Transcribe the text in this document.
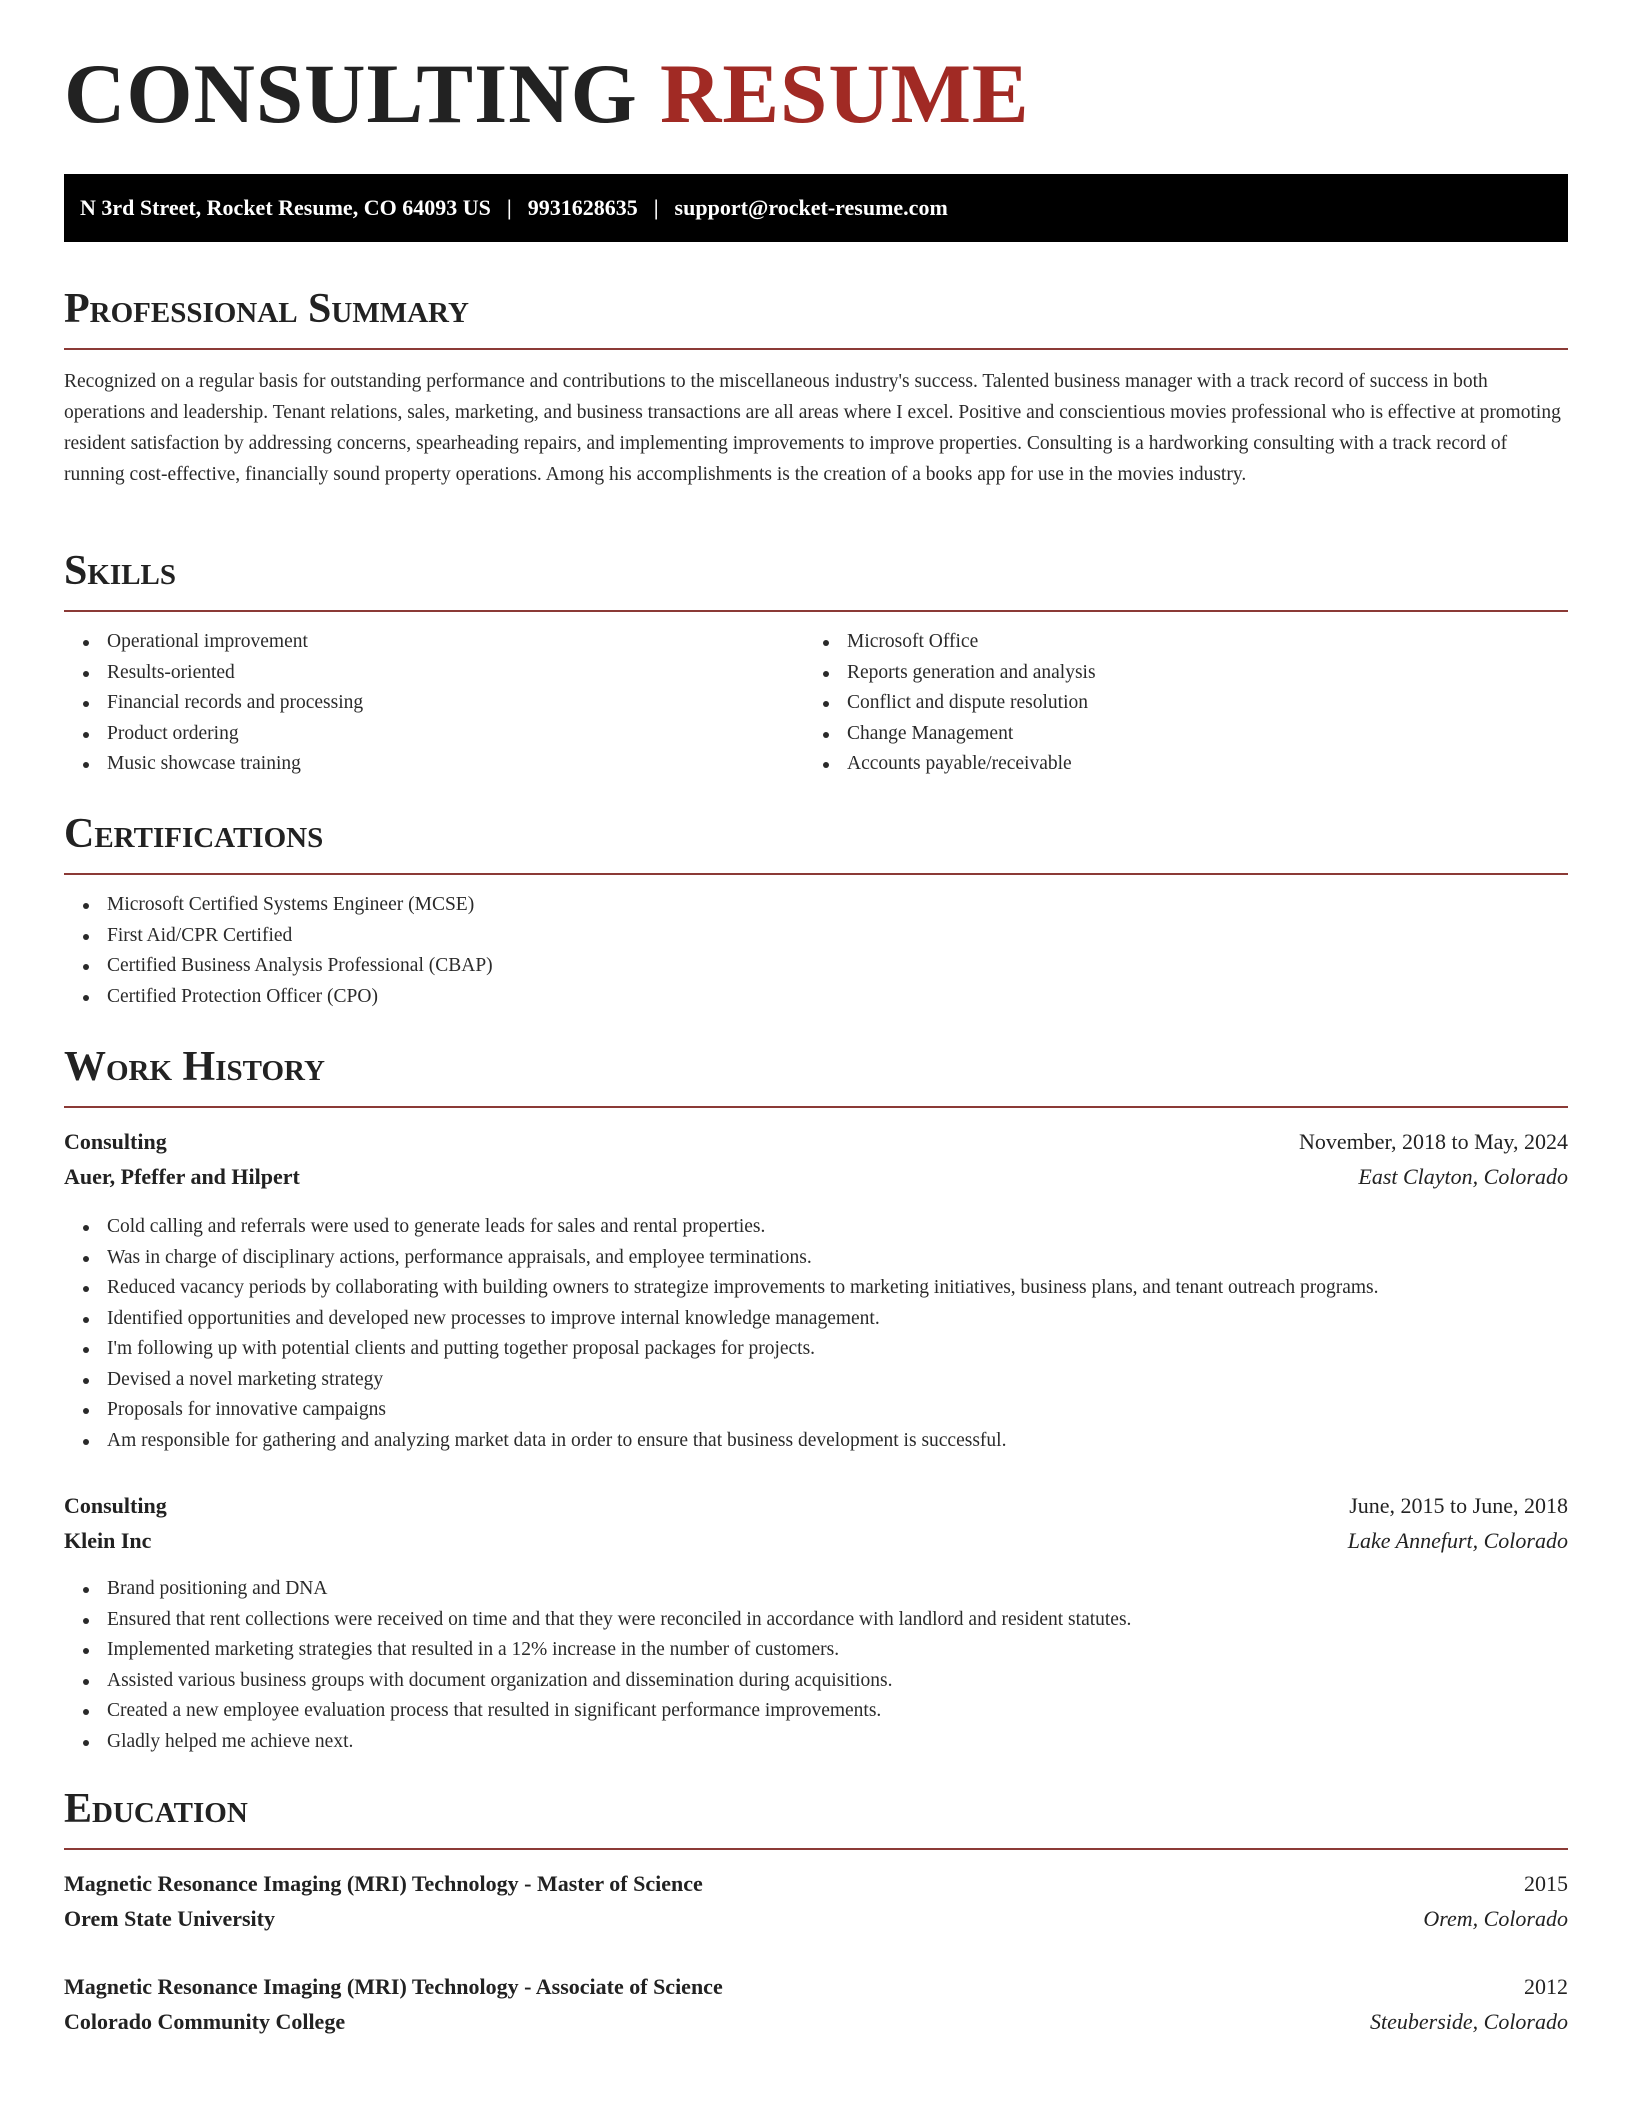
CONSULTING RESUME
N 3rd Street, Rocket Resume, CO 64093 US | 9931628635 | support@rocket-resume.com
Professional Summary

Recognized on a regular basis for outstanding performance and contributions to the miscellaneous industry's success. Talented business manager with a track record of success in both operations and leadership. Tenant relations, sales, marketing, and business transactions are all areas where I excel. Positive and conscientious movies professional who is effective at promoting resident satisfaction by addressing concerns, spearheading repairs, and implementing improvements to improve properties. Consulting is a hardworking consulting with a track record of running cost-effective, financially sound property operations. Among his accomplishments is the creation of a books app for use in the movies industry.

Skills
Operational improvement
Results-oriented
Financial records and processing
Product ordering
Music showcase training
Microsoft Office
Reports generation and analysis
Conflict and dispute resolution
Change Management
Accounts payable/receivable
Certifications
Microsoft Certified Systems Engineer (MCSE)
First Aid/CPR Certified
Certified Business Analysis Professional (CBAP)
Certified Protection Officer (CPO)
Work History
Consulting	November, 2018 to May, 2024
Auer, Pfeffer and Hilpert	East Clayton, Colorado
Cold calling and referrals were used to generate leads for sales and rental properties.
Was in charge of disciplinary actions, performance appraisals, and employee terminations.
Reduced vacancy periods by collaborating with building owners to strategize improvements to marketing initiatives, business plans, and tenant outreach programs.
Identified opportunities and developed new processes to improve internal knowledge management.
I'm following up with potential clients and putting together proposal packages for projects.
Devised a novel marketing strategy
Proposals for innovative campaigns
Am responsible for gathering and analyzing market data in order to ensure that business development is successful.
Consulting	June, 2015 to June, 2018
Klein Inc	Lake Annefurt, Colorado
Brand positioning and DNA
Ensured that rent collections were received on time and that they were reconciled in accordance with landlord and resident statutes.
Implemented marketing strategies that resulted in a 12% increase in the number of customers.
Assisted various business groups with document organization and dissemination during acquisitions.
Created a new employee evaluation process that resulted in significant performance improvements.
Gladly helped me achieve next.
Education
Magnetic Resonance Imaging (MRI) Technology - Master of Science	2015
Orem State University	Orem, Colorado
Magnetic Resonance Imaging (MRI) Technology - Associate of Science	2012
Colorado Community College	Steuberside, Colorado
